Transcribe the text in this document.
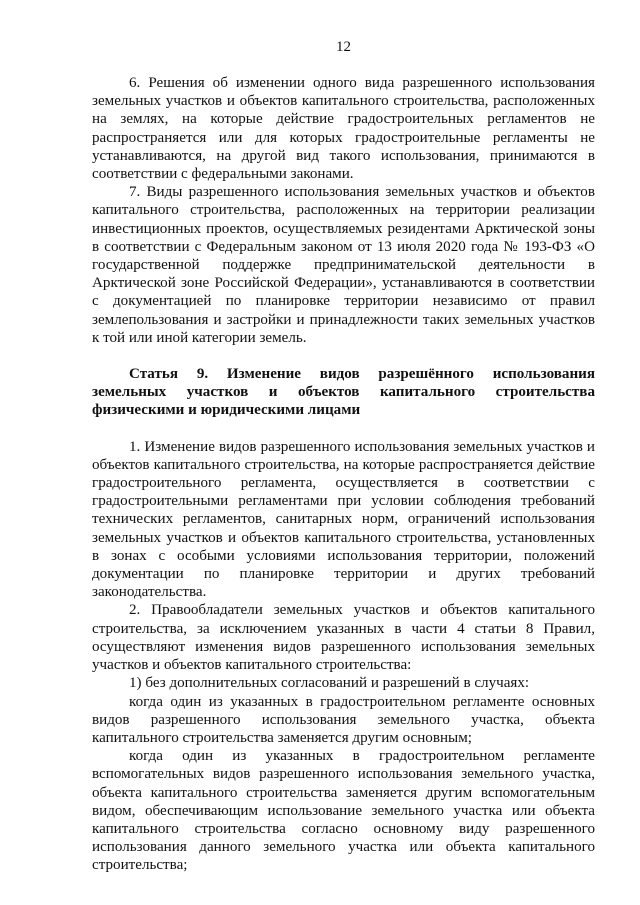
12

6. Решения об изменении одного вида разрешенного использования земельных участков и объектов капитального строительства, расположенных на землях, на которые действие градостроительных регламентов не распространяется или для которых градостроительные регламенты не устанавливаются, на другой вид такого использования, принимаются в соответствии с федеральными законами.

7. Виды разрешенного использования земельных участков и объектов капитального строительства, расположенных на территории реализации инвестиционных проектов, осуществляемых резидентами Арктической зоны в соответствии с Федеральным законом от 13 июля 2020 года № 193-ФЗ «О государственной поддержке предпринимательской деятельности в Арктической зоне Российской Федерации», устанавливаются в соответствии с документацией по планировке территории независимо от правил землепользования и застройки и принадлежности таких земельных участков к той или иной категории земель.

Статья 9. Изменение видов разрешённого использования земельных участков и объектов капитального строительства физическими и юридическими лицами

1. Изменение видов разрешенного использования земельных участков и объектов капитального строительства, на которые распространяется действие градостроительного регламента, осуществляется в соответствии с градостроительными регламентами при условии соблюдения требований технических регламентов, санитарных норм, ограничений использования земельных участков и объектов капитального строительства, установленных в зонах с особыми условиями использования территории, положений документации по планировке территории и других требований законодательства.

2. Правообладатели земельных участков и объектов капитального строительства, за исключением указанных в части 4 статьи 8 Правил, осуществляют изменения видов разрешенного использования земельных участков и объектов капитального строительства:

1) без дополнительных согласований и разрешений в случаях:

когда один из указанных в градостроительном регламенте основных видов разрешенного использования земельного участка, объекта капитального строительства заменяется другим основным;

когда один из указанных в градостроительном регламенте вспомогательных видов разрешенного использования земельного участка, объекта капитального строительства заменяется другим вспомогательным видом, обеспечивающим использование земельного участка или объекта капитального строительства согласно основному виду разрешенного использования данного земельного участка или объекта капитального строительства;
